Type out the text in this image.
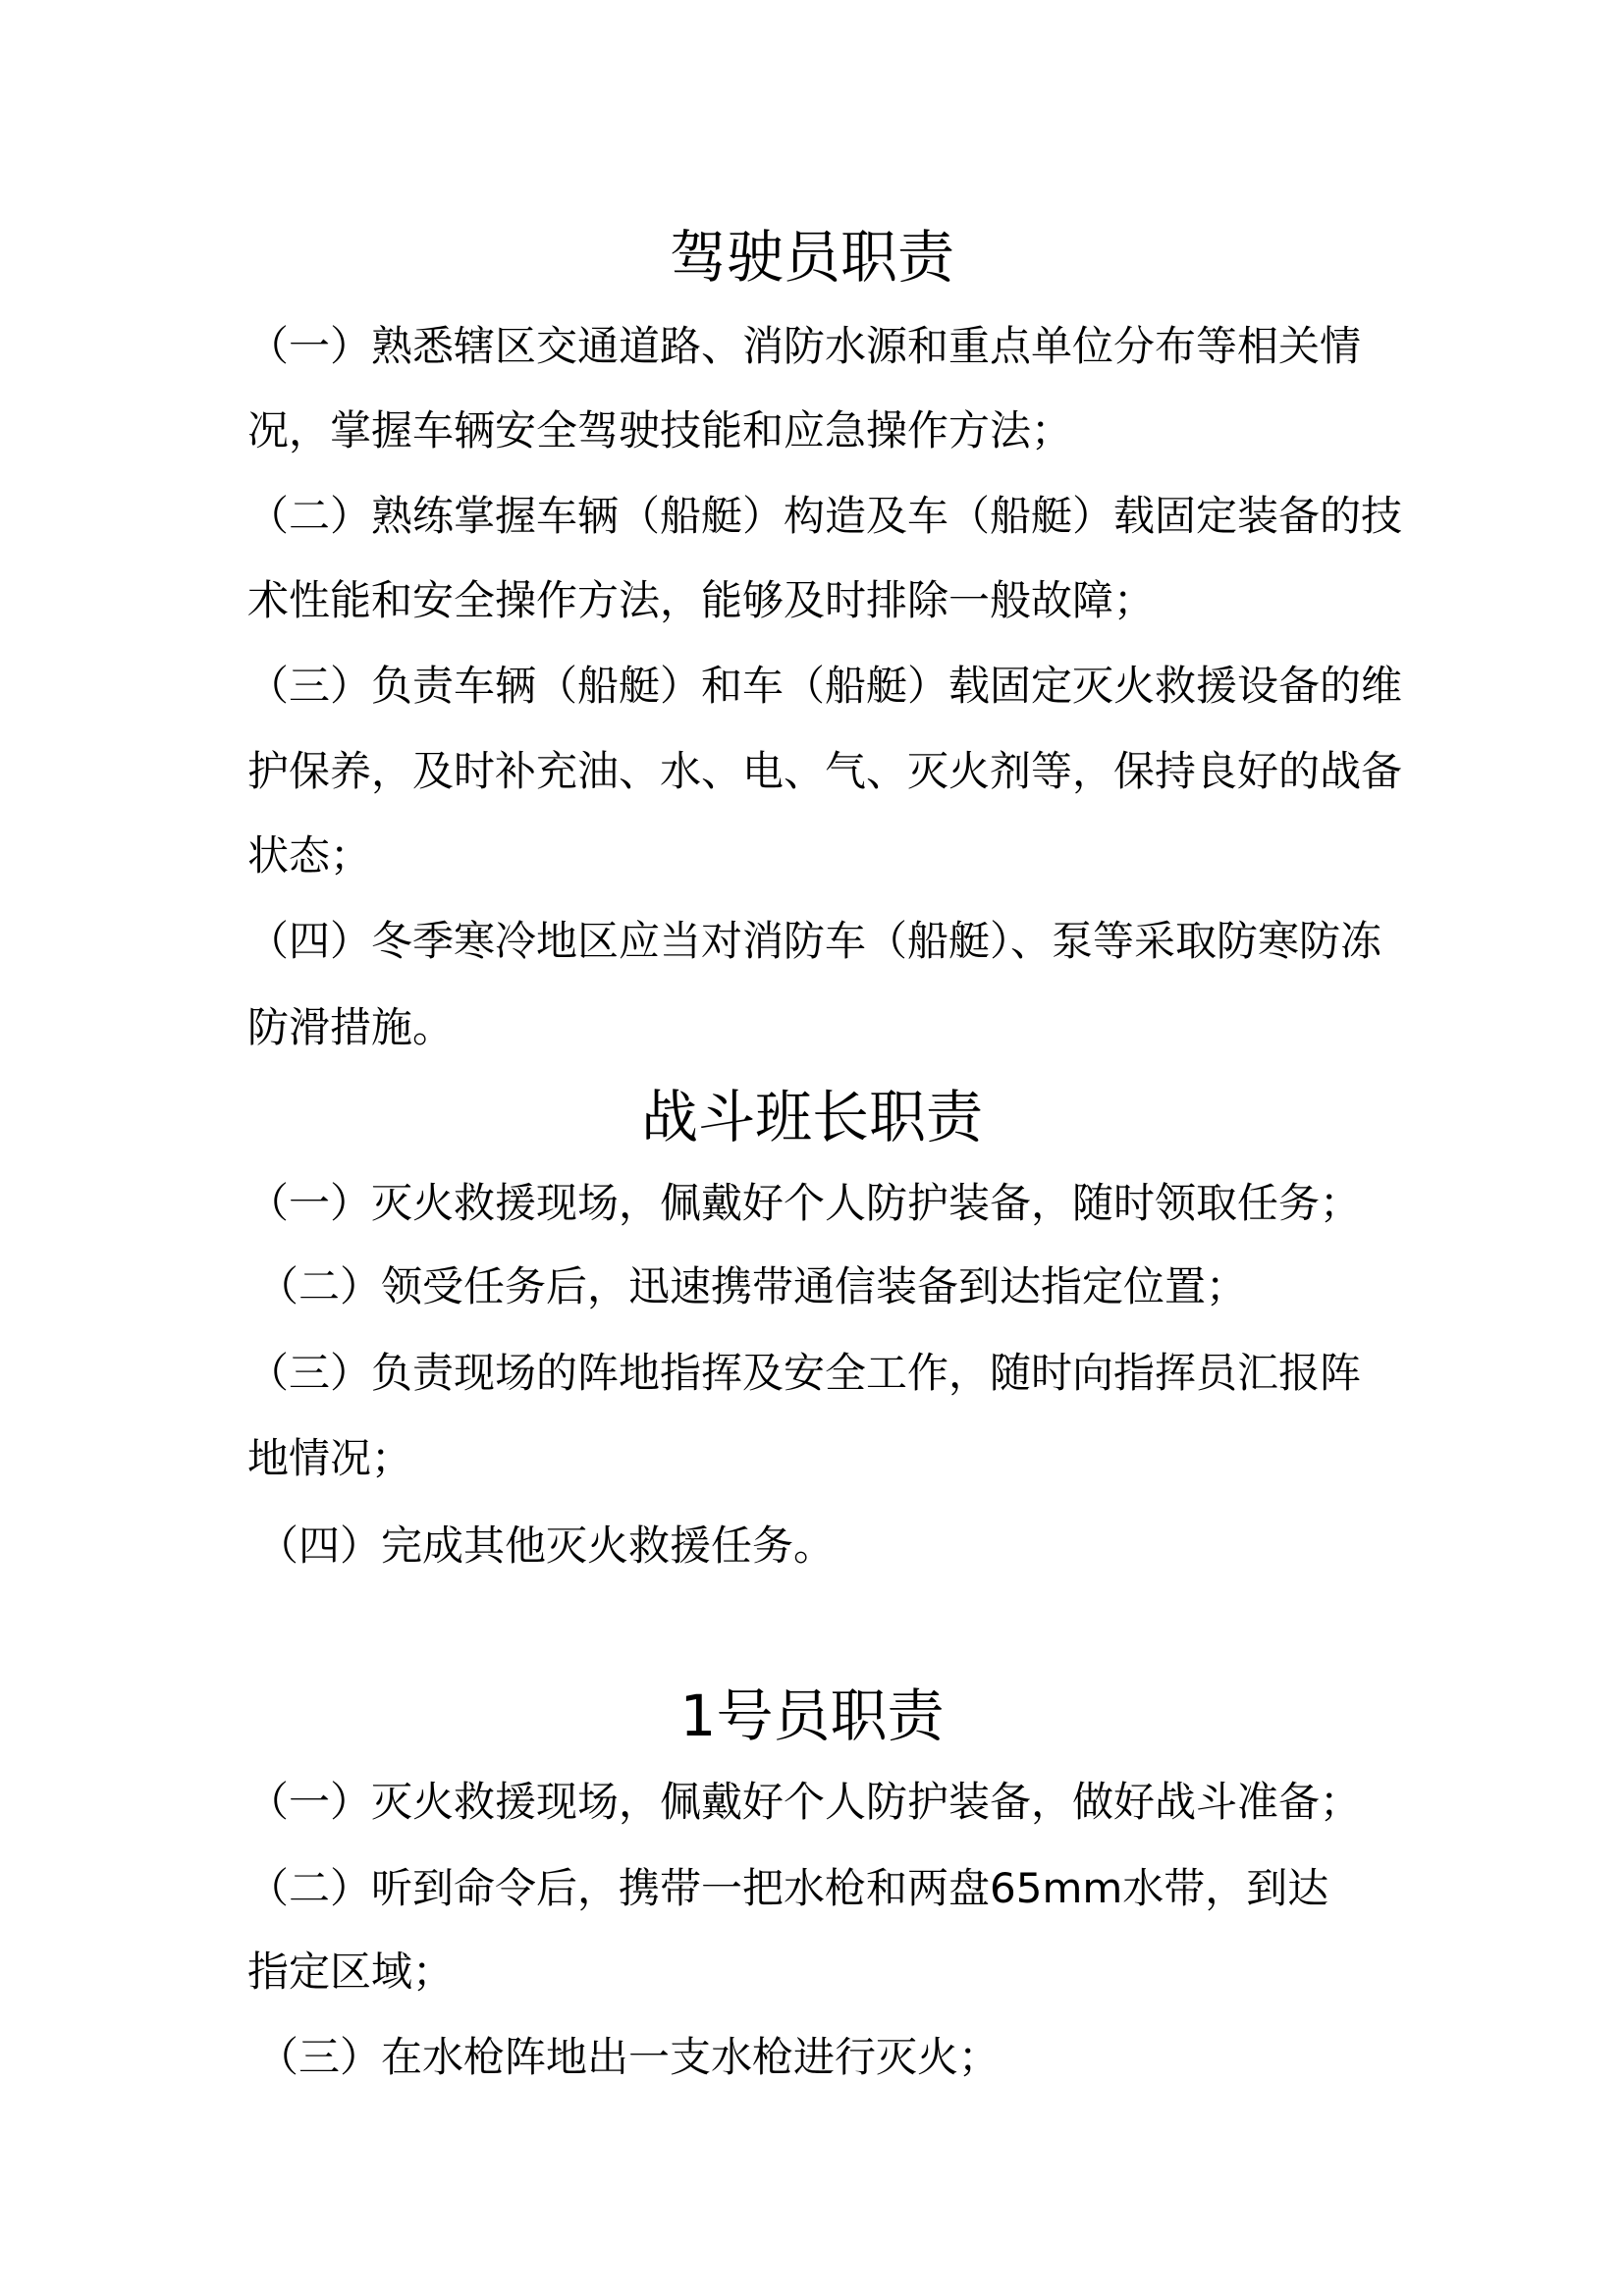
驾驶员职责
（一）熟悉辖区交通道路、消防水源和重点单位分布等相关情
况，掌握车辆安全驾驶技能和应急操作方法；
（二）熟练掌握车辆（船艇）构造及车（船艇）载固定装备的技
术性能和安全操作方法，能够及时排除一般故障；
（三）负责车辆（船艇）和车（船艇）载固定灭火救援设备的维
护保养，及时补充油、水、电、气、灭火剂等，保持良好的战备
状态；
（四）冬季寒冷地区应当对消防车（船艇）、泵等采取防寒防冻
防滑措施。
战斗班长职责
（一）灭火救援现场，佩戴好个人防护装备，随时领取任务；
（二）领受任务后，迅速携带通信装备到达指定位置；
（三）负责现场的阵地指挥及安全工作，随时向指挥员汇报阵
地情况；
（四）完成其他灭火救援任务。
1号员职责
（一）灭火救援现场，佩戴好个人防护装备，做好战斗准备；
（二）听到命令后，携带一把水枪和两盘65mm水带，到达
指定区域；
（三）在水枪阵地出一支水枪进行灭火；
